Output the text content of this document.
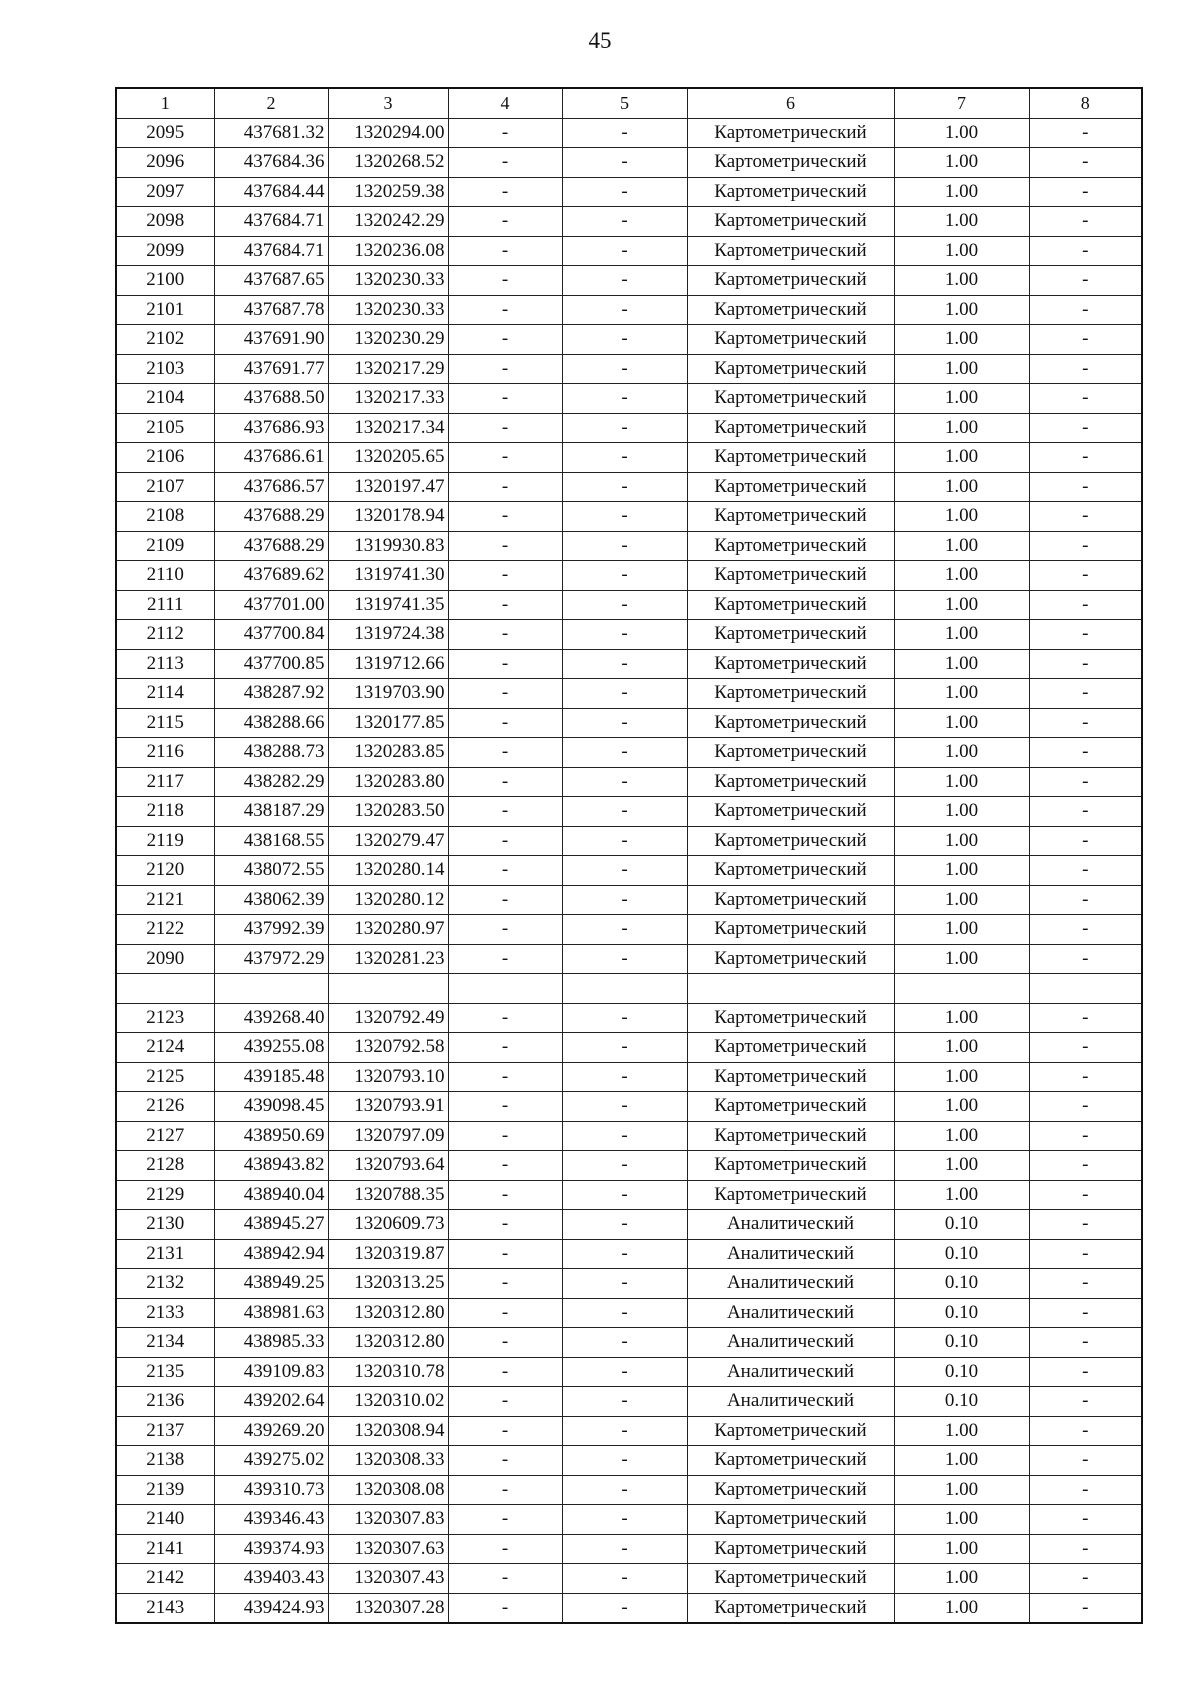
45
1	2	3	4	5	6	7	8
2095	437681.32	1320294.00	-	-	Картометрический	1.00	-
2096	437684.36	1320268.52	-	-	Картометрический	1.00	-
2097	437684.44	1320259.38	-	-	Картометрический	1.00	-
2098	437684.71	1320242.29	-	-	Картометрический	1.00	-
2099	437684.71	1320236.08	-	-	Картометрический	1.00	-
2100	437687.65	1320230.33	-	-	Картометрический	1.00	-
2101	437687.78	1320230.33	-	-	Картометрический	1.00	-
2102	437691.90	1320230.29	-	-	Картометрический	1.00	-
2103	437691.77	1320217.29	-	-	Картометрический	1.00	-
2104	437688.50	1320217.33	-	-	Картометрический	1.00	-
2105	437686.93	1320217.34	-	-	Картометрический	1.00	-
2106	437686.61	1320205.65	-	-	Картометрический	1.00	-
2107	437686.57	1320197.47	-	-	Картометрический	1.00	-
2108	437688.29	1320178.94	-	-	Картометрический	1.00	-
2109	437688.29	1319930.83	-	-	Картометрический	1.00	-
2110	437689.62	1319741.30	-	-	Картометрический	1.00	-
2111	437701.00	1319741.35	-	-	Картометрический	1.00	-
2112	437700.84	1319724.38	-	-	Картометрический	1.00	-
2113	437700.85	1319712.66	-	-	Картометрический	1.00	-
2114	438287.92	1319703.90	-	-	Картометрический	1.00	-
2115	438288.66	1320177.85	-	-	Картометрический	1.00	-
2116	438288.73	1320283.85	-	-	Картометрический	1.00	-
2117	438282.29	1320283.80	-	-	Картометрический	1.00	-
2118	438187.29	1320283.50	-	-	Картометрический	1.00	-
2119	438168.55	1320279.47	-	-	Картометрический	1.00	-
2120	438072.55	1320280.14	-	-	Картометрический	1.00	-
2121	438062.39	1320280.12	-	-	Картометрический	1.00	-
2122	437992.39	1320280.97	-	-	Картометрический	1.00	-
2090	437972.29	1320281.23	-	-	Картометрический	1.00	-

2123	439268.40	1320792.49	-	-	Картометрический	1.00	-
2124	439255.08	1320792.58	-	-	Картометрический	1.00	-
2125	439185.48	1320793.10	-	-	Картометрический	1.00	-
2126	439098.45	1320793.91	-	-	Картометрический	1.00	-
2127	438950.69	1320797.09	-	-	Картометрический	1.00	-
2128	438943.82	1320793.64	-	-	Картометрический	1.00	-
2129	438940.04	1320788.35	-	-	Картометрический	1.00	-
2130	438945.27	1320609.73	-	-	Аналитический	0.10	-
2131	438942.94	1320319.87	-	-	Аналитический	0.10	-
2132	438949.25	1320313.25	-	-	Аналитический	0.10	-
2133	438981.63	1320312.80	-	-	Аналитический	0.10	-
2134	438985.33	1320312.80	-	-	Аналитический	0.10	-
2135	439109.83	1320310.78	-	-	Аналитический	0.10	-
2136	439202.64	1320310.02	-	-	Аналитический	0.10	-
2137	439269.20	1320308.94	-	-	Картометрический	1.00	-
2138	439275.02	1320308.33	-	-	Картометрический	1.00	-
2139	439310.73	1320308.08	-	-	Картометрический	1.00	-
2140	439346.43	1320307.83	-	-	Картометрический	1.00	-
2141	439374.93	1320307.63	-	-	Картометрический	1.00	-
2142	439403.43	1320307.43	-	-	Картометрический	1.00	-
2143	439424.93	1320307.28	-	-	Картометрический	1.00	-
